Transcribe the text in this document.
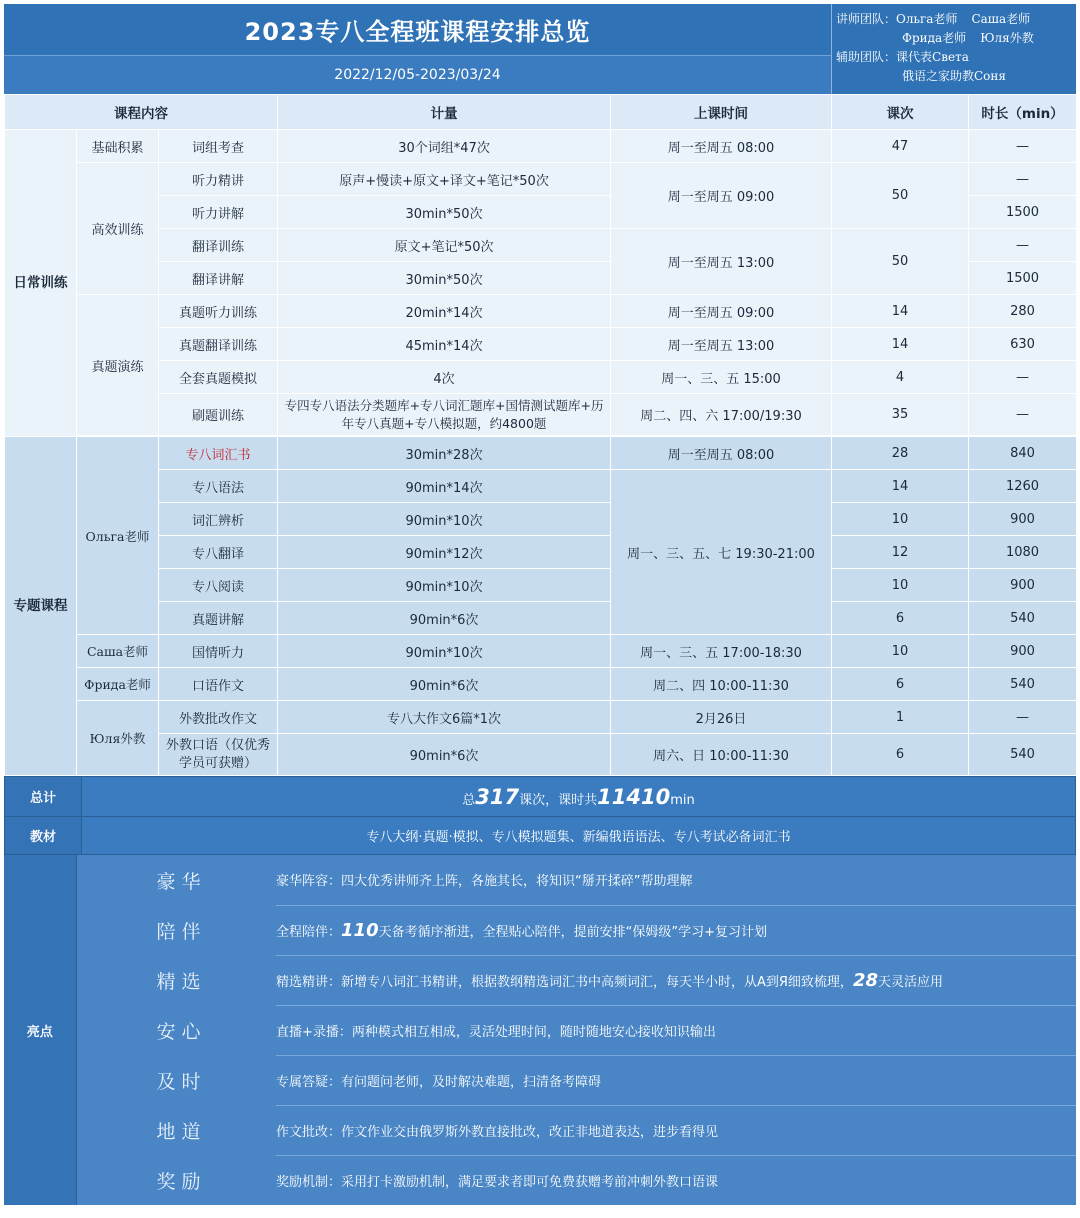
2023专八全程班课程安排总览
2022/12/05-2023/03/24
讲师团队：Ольга老师 Саша老师
Фрида老师 Юля外教
辅助团队：课代表Света
俄语之家助教Соня
课程内容			计量	上课时间	课次	时长（min）
日常训练	基础积累	词组考查	30个词组*47次	周一至周五 08:00	47	—
	高效训练	听力精讲	原声+慢读+原文+译文+笔记*50次	周一至周五 09:00	50	—
		听力讲解	30min*50次			1500
		翻译训练	原文+笔记*50次	周一至周五 13:00	50	—
		翻译讲解	30min*50次			1500
	真题演练	真题听力训练	20min*14次	周一至周五 09:00	14	280
		真题翻译训练	45min*14次	周一至周五 13:00	14	630
		全套真题模拟	4次	周一、三、五 15:00	4	—
		刷题训练	专四专八语法分类题库+专八词汇题库+国情测试题库+历年专八真题+专八模拟题，约4800题	周二、四、六 17:00/19:30	35	—

专题课程	Ольга老师	专八词汇书	30min*28次	周一至周五 08:00	28	840
		专八语法	90min*14次	周一、三、五、七 19:30-21:00	14	1260
		词汇辨析	90min*10次		10	900
		专八翻译	90min*12次		12	1080
		专八阅读	90min*10次		10	900
		真题讲解	90min*6次		6	540
	Саша老师	国情听力	90min*10次	周一、三、五 17:00-18:30	10	900
	Фрида老师	口语作文	90min*6次	周二、四 10:00-11:30	6	540
	Юля外教	外教批改作文	专八大作文6篇*1次	2月26日	1	—
		外教口语（仅优秀学员可获赠）	90min*6次	周六、日 10:00-11:30	6	540
总计	总317课次，课时共11410min
教材	专八大纲·真题·模拟、专八模拟题集、新编俄语语法、专八考试必备词汇书
亮点	豪华	豪华阵容：四大优秀讲师齐上阵，各施其长，将知识“掰开揉碎”帮助理解
	陪伴	全程陪伴：110天备考循序渐进，全程贴心陪伴，提前安排“保姆级”学习+复习计划
	精选	精选精讲：新增专八词汇书精讲，根据教纲精选词汇书中高频词汇，每天半小时，从A到Я细致梳理，28天灵活应用
	安心	直播+录播：两种模式相互相成，灵活处理时间，随时随地安心接收知识输出
	及时	专属答疑：有问题问老师，及时解决难题，扫清备考障碍
	地道	作文批改：作文作业交由俄罗斯外教直接批改，改正非地道表达，进步看得见
	奖励	奖励机制：采用打卡激励机制，满足要求者即可免费获赠考前冲刺外教口语课
